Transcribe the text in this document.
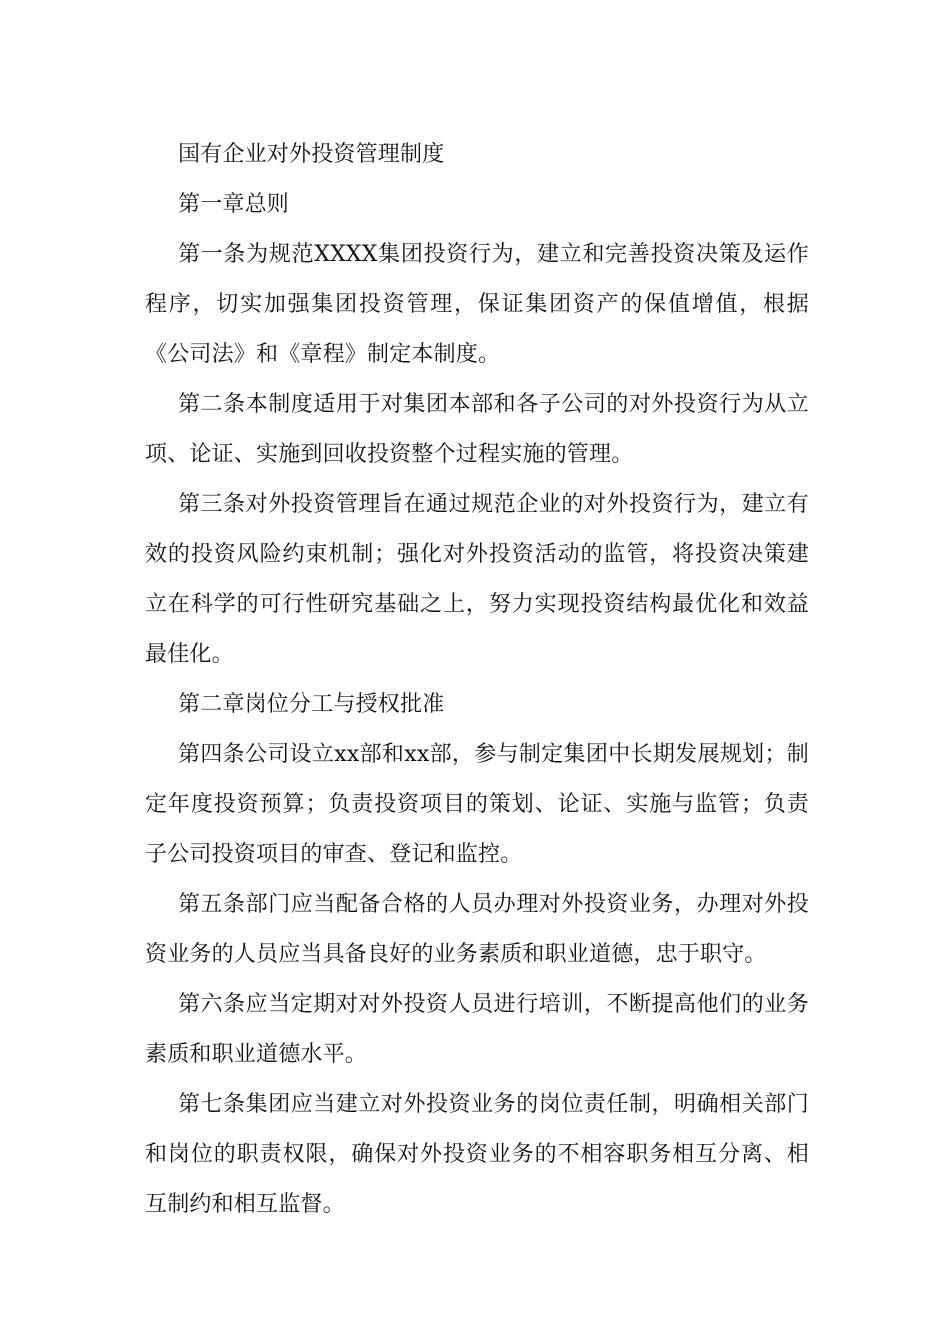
国有企业对外投资管理制度

第一章总则

第一条为规范XXXX集团投资行为，建立和完善投资决策及运作程序，切实加强集团投资管理，保证集团资产的保值增值，根据《公司法》和《章程》制定本制度。

第二条本制度适用于对集团本部和各子公司的对外投资行为从立项、论证、实施到回收投资整个过程实施的管理。

第三条对外投资管理旨在通过规范企业的对外投资行为，建立有效的投资风险约束机制；强化对外投资活动的监管，将投资决策建立在科学的可行性研究基础之上，努力实现投资结构最优化和效益最佳化。

第二章岗位分工与授权批准

第四条公司设立xx部和xx部，参与制定集团中长期发展规划；制定年度投资预算；负责投资项目的策划、论证、实施与监管；负责子公司投资项目的审查、登记和监控。

第五条部门应当配备合格的人员办理对外投资业务，办理对外投资业务的人员应当具备良好的业务素质和职业道德，忠于职守。

第六条应当定期对对外投资人员进行培训，不断提高他们的业务素质和职业道德水平。

第七条集团应当建立对外投资业务的岗位责任制，明确相关部门和岗位的职责权限，确保对外投资业务的不相容职务相互分离、相互制约和相互监督。
